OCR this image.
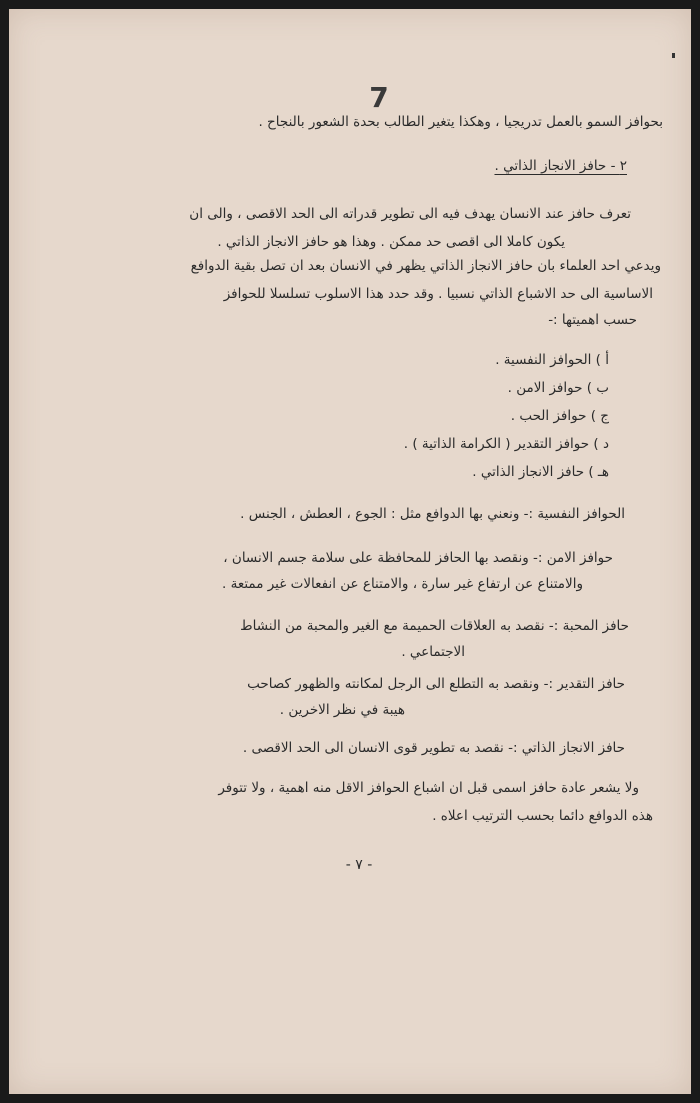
7
بحوافز السمو بالعمل تدريجيا ، وهكذا يتغير الطالب بحدة الشعور بالنجاح .
٢ - حافز الانجاز الذاتي .
تعرف حافز عند الانسان يهدف فيه الى تطوير قدراته الى الحد الاقصى ، والى ان
يكون كاملا الى اقصى حد ممكن . وهذا هو حافز الانجاز الذاتي .
ويدعي احد العلماء بان حافز الانجاز الذاتي يظهر في الانسان بعد ان تصل بقية الدوافع
الاساسية الى حد الاشباع الذاتي نسبيا . وقد حدد هذا الاسلوب تسلسلا للحوافز
حسب اهميتها :-
أ ) الحوافز النفسية .
ب ) حوافز الامن .
ج ) حوافز الحب .
د ) حوافز التقدير ( الكرامة الذاتية ) .
هـ ) حافز الانجاز الذاتي .
الحوافز النفسية :- ونعني بها الدوافع مثل : الجوع ، العطش ، الجنس .
حوافز الامن :- ونقصد بها الحافز للمحافظة على سلامة جسم الانسان ،
والامتناع عن ارتفاع غير سارة ، والامتناع عن انفعالات غير ممتعة .
حافز المحبة :- نقصد به العلاقات الحميمة مع الغير والمحبة من النشاط
الاجتماعي .
حافز التقدير :- ونقصد به التطلع الى الرجل لمكانته والظهور كصاحب
هيبة في نظر الاخرين .
حافز الانجاز الذاتي :- نقصد به تطوير قوى الانسان الى الحد الاقصى .
ولا يشعر عادة حافز اسمى قبل ان اشباع الحوافز الاقل منه اهمية ، ولا تتوفر
هذه الدوافع دائما بحسب الترتيب اعلاه .
- ٧ -
